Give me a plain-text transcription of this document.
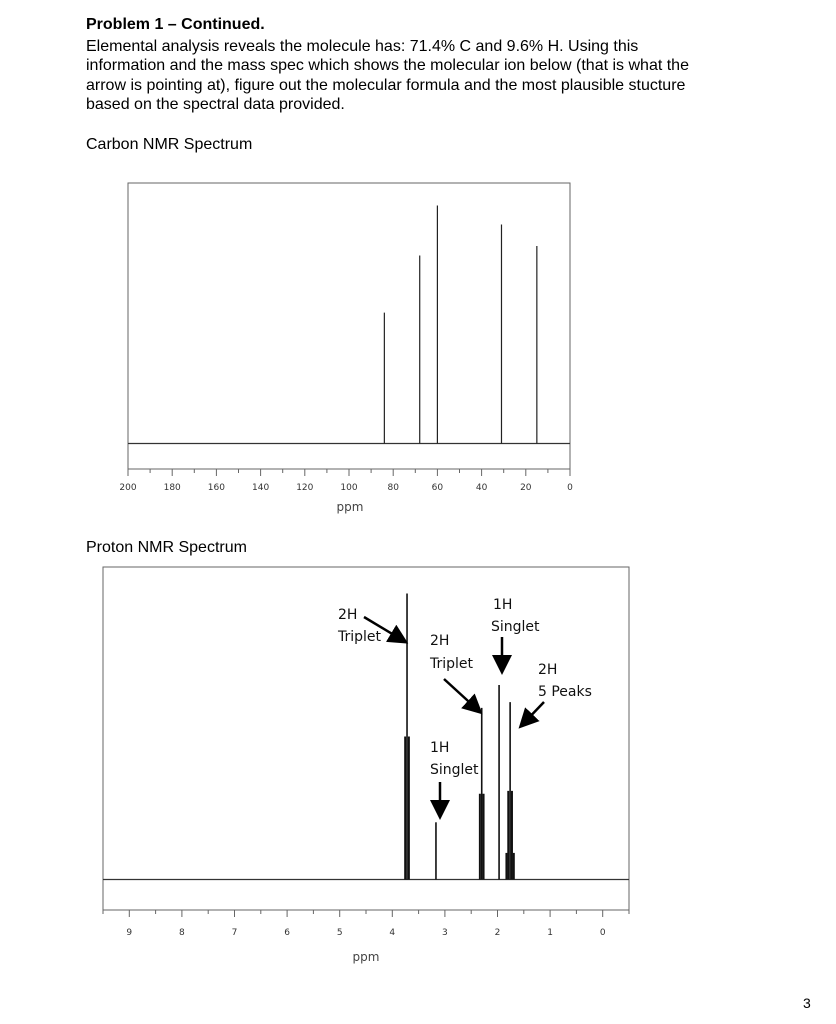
Problem 1 – Continued.

Elemental analysis reveals the molecule has: 71.4% C and 9.6% H. Using this
information and the mass spec which shows the molecular ion below (that is what the
arrow is pointing at), figure out the molecular formula and the most plausible stucture
based on the spectral data provided.

Carbon NMR Spectrum

Proton NMR Spectrum

200	180	160	140	120	100	80	60	40	20	0
ppm
9	8	7	6	5	4	3	2	1	0
ppm
2H
Triplet	2H
Triplet
1H
Singlet
1H
Singlet
2H
5 Peaks
3
